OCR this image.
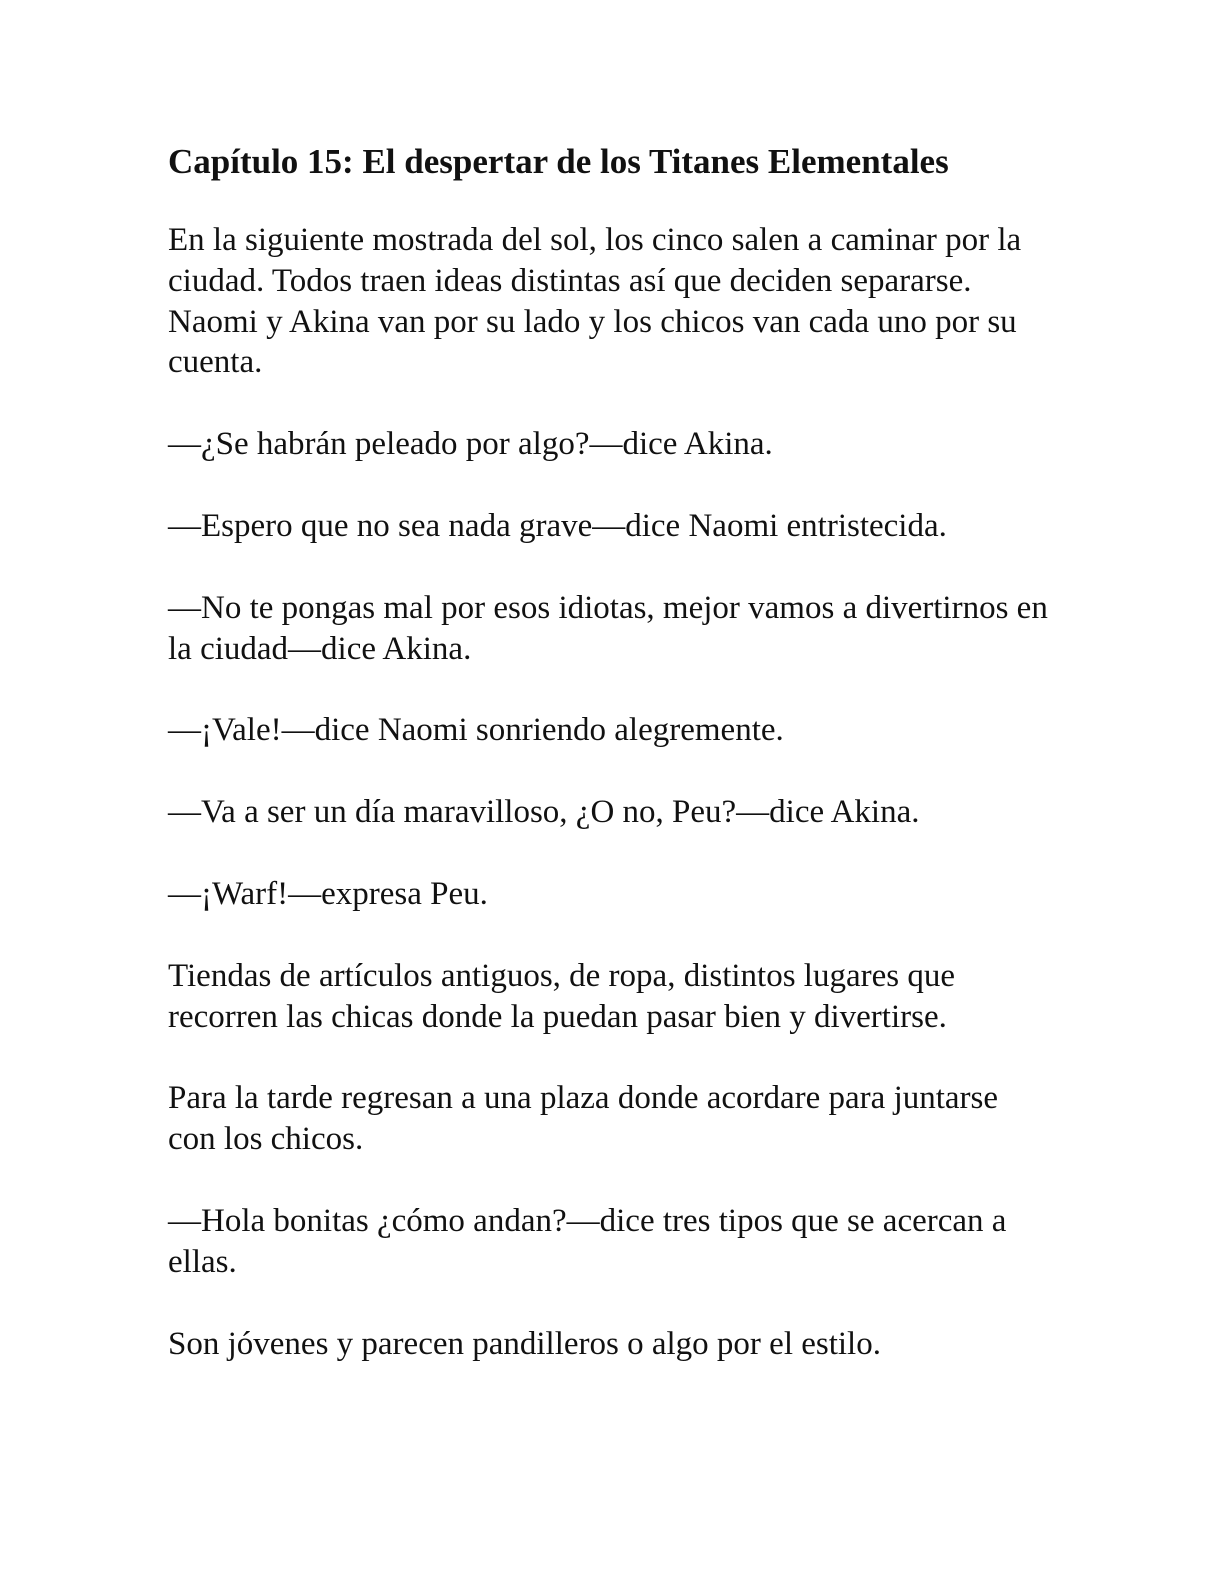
Capítulo 15: El despertar de los Titanes Elementales

En la siguiente mostrada del sol, los cinco salen a caminar por la ciudad. Todos traen ideas distintas así que deciden separarse. Naomi y Akina van por su lado y los chicos van cada uno por su cuenta.

—¿Se habrán peleado por algo?—dice Akina.

—Espero que no sea nada grave—dice Naomi entristecida.

—No te pongas mal por esos idiotas, mejor vamos a divertirnos en la ciudad—dice Akina.

—¡Vale!—dice Naomi sonriendo alegremente.

—Va a ser un día maravilloso, ¿O no, Peu?—dice Akina.

—¡Warf!—expresa Peu.

Tiendas de artículos antiguos, de ropa, distintos lugares que recorren las chicas donde la puedan pasar bien y divertirse.

Para la tarde regresan a una plaza donde acordare para juntarse con los chicos.

—Hola bonitas ¿cómo andan?—dice tres tipos que se acercan a ellas.

Son jóvenes y parecen pandilleros o algo por el estilo.
